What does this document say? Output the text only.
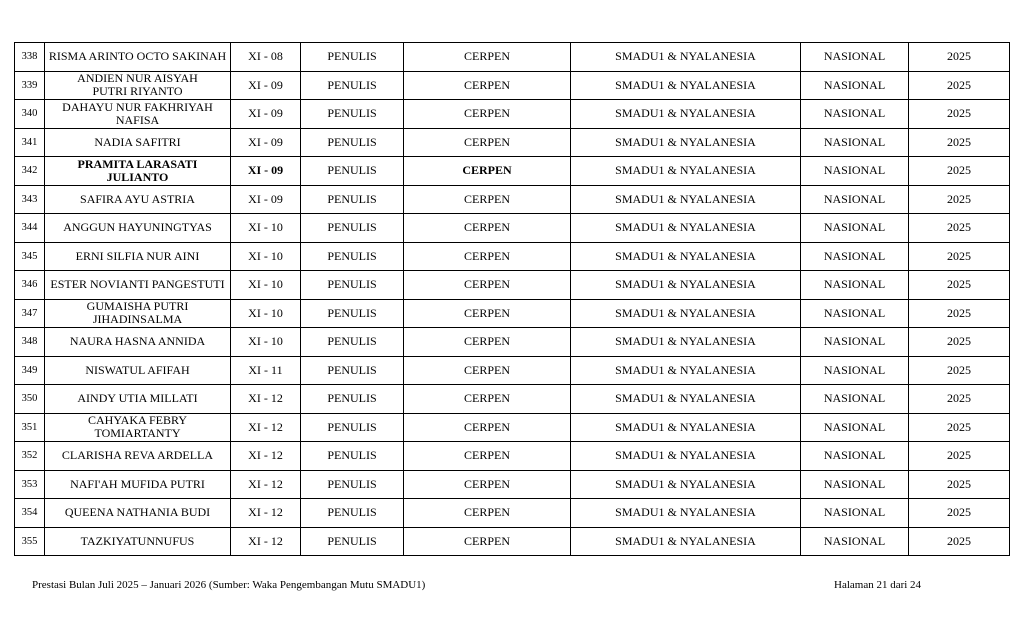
338	RISMA ARINTO OCTO SAKINAH	XI - 08	PENULIS	CERPEN	SMADU1 & NYALANESIA	NASIONAL	2025
339	ANDIEN NUR AISYAH PUTRI RIYANTO	XI - 09	PENULIS	CERPEN	SMADU1 & NYALANESIA	NASIONAL	2025
340	DAHAYU NUR FAKHRIYAH NAFISA	XI - 09	PENULIS	CERPEN	SMADU1 & NYALANESIA	NASIONAL	2025
341	NADIA SAFITRI	XI - 09	PENULIS	CERPEN	SMADU1 & NYALANESIA	NASIONAL	2025
342	PRAMITA LARASATI JULIANTO	XI - 09	PENULIS	CERPEN	SMADU1 & NYALANESIA	NASIONAL	2025
343	SAFIRA AYU ASTRIA	XI - 09	PENULIS	CERPEN	SMADU1 & NYALANESIA	NASIONAL	2025
344	ANGGUN HAYUNINGTYAS	XI - 10	PENULIS	CERPEN	SMADU1 & NYALANESIA	NASIONAL	2025
345	ERNI SILFIA NUR AINI	XI - 10	PENULIS	CERPEN	SMADU1 & NYALANESIA	NASIONAL	2025
346	ESTER NOVIANTI PANGESTUTI	XI - 10	PENULIS	CERPEN	SMADU1 & NYALANESIA	NASIONAL	2025
347	GUMAISHA PUTRI JIHADINSALMA	XI - 10	PENULIS	CERPEN	SMADU1 & NYALANESIA	NASIONAL	2025
348	NAURA HASNA ANNIDA	XI - 10	PENULIS	CERPEN	SMADU1 & NYALANESIA	NASIONAL	2025
349	NISWATUL AFIFAH	XI - 11	PENULIS	CERPEN	SMADU1 & NYALANESIA	NASIONAL	2025
350	AINDY UTIA MILLATI	XI - 12	PENULIS	CERPEN	SMADU1 & NYALANESIA	NASIONAL	2025
351	CAHYAKA FEBRY TOMIARTANTY	XI - 12	PENULIS	CERPEN	SMADU1 & NYALANESIA	NASIONAL	2025
352	CLARISHA REVA ARDELLA	XI - 12	PENULIS	CERPEN	SMADU1 & NYALANESIA	NASIONAL	2025
353	NAFI'AH MUFIDA PUTRI	XI - 12	PENULIS	CERPEN	SMADU1 & NYALANESIA	NASIONAL	2025
354	QUEENA NATHANIA BUDI	XI - 12	PENULIS	CERPEN	SMADU1 & NYALANESIA	NASIONAL	2025
355	TAZKIYATUNNUFUS	XI - 12	PENULIS	CERPEN	SMADU1 & NYALANESIA	NASIONAL	2025
Prestasi Bulan Juli 2025 – Januari 2026 (Sumber: Waka Pengembangan Mutu SMADU1)	Halaman 21 dari 24
